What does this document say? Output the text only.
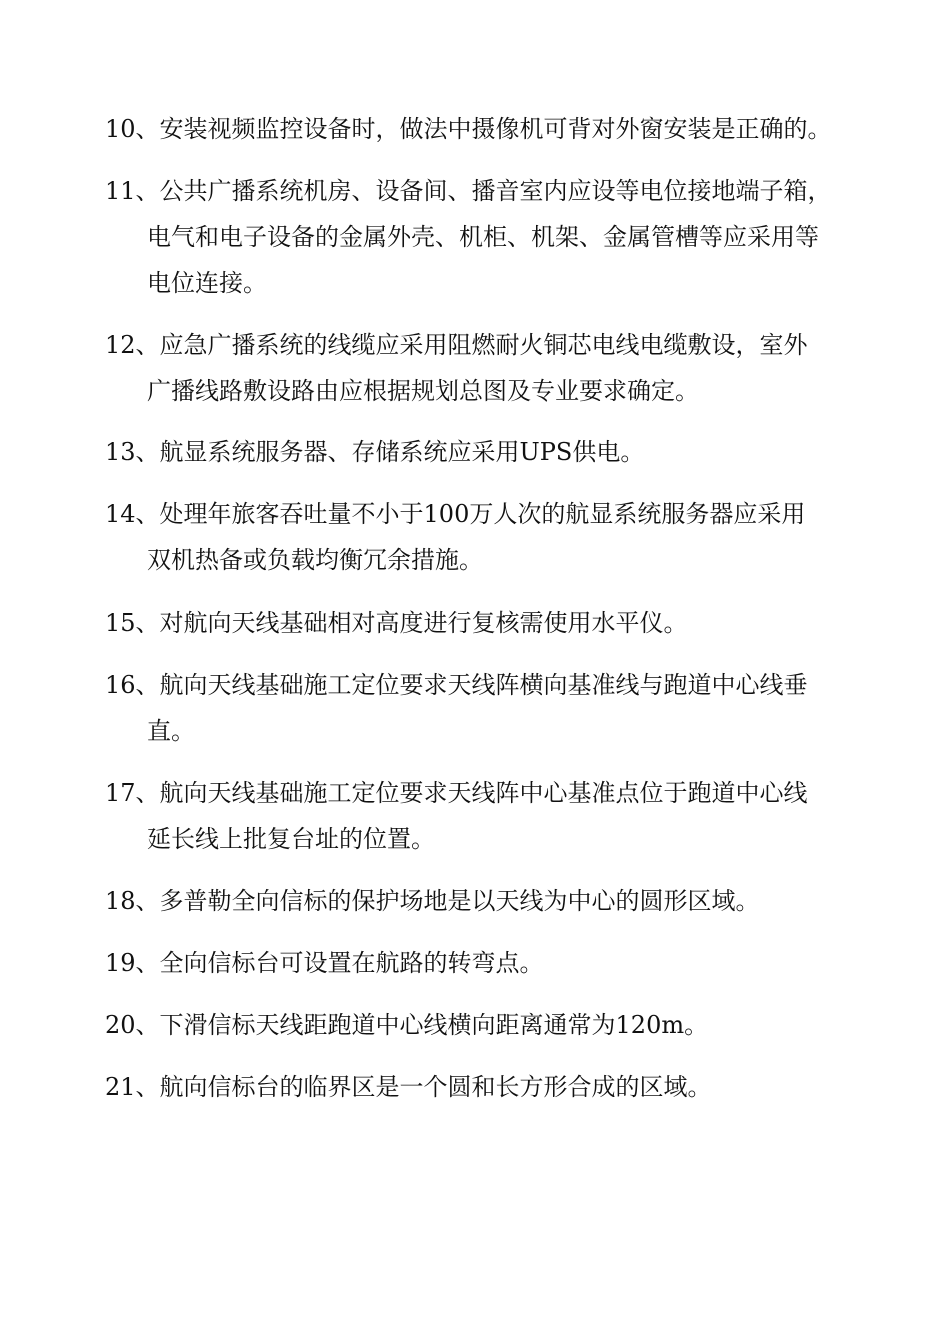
10、安装视频监控设备时，做法中摄像机可背对外窗安装是正确的。
11、公共广播系统机房、设备间、播音室内应设等电位接地端子箱，
电气和电子设备的金属外壳、机柜、机架、金属管槽等应采用等
电位连接。
12、应急广播系统的线缆应采用阻燃耐火铜芯电线电缆敷设，室外
广播线路敷设路由应根据规划总图及专业要求确定。
13、航显系统服务器、存储系统应采用UPS供电。
14、处理年旅客吞吐量不小于100万人次的航显系统服务器应采用
双机热备或负载均衡冗余措施。
15、对航向天线基础相对高度进行复核需使用水平仪。
16、航向天线基础施工定位要求天线阵横向基准线与跑道中心线垂
直。
17、航向天线基础施工定位要求天线阵中心基准点位于跑道中心线
延长线上批复台址的位置。
18、多普勒全向信标的保护场地是以天线为中心的圆形区域。
19、全向信标台可设置在航路的转弯点。
20、下滑信标天线距跑道中心线横向距离通常为120m。
21、航向信标台的临界区是一个圆和长方形合成的区域。
